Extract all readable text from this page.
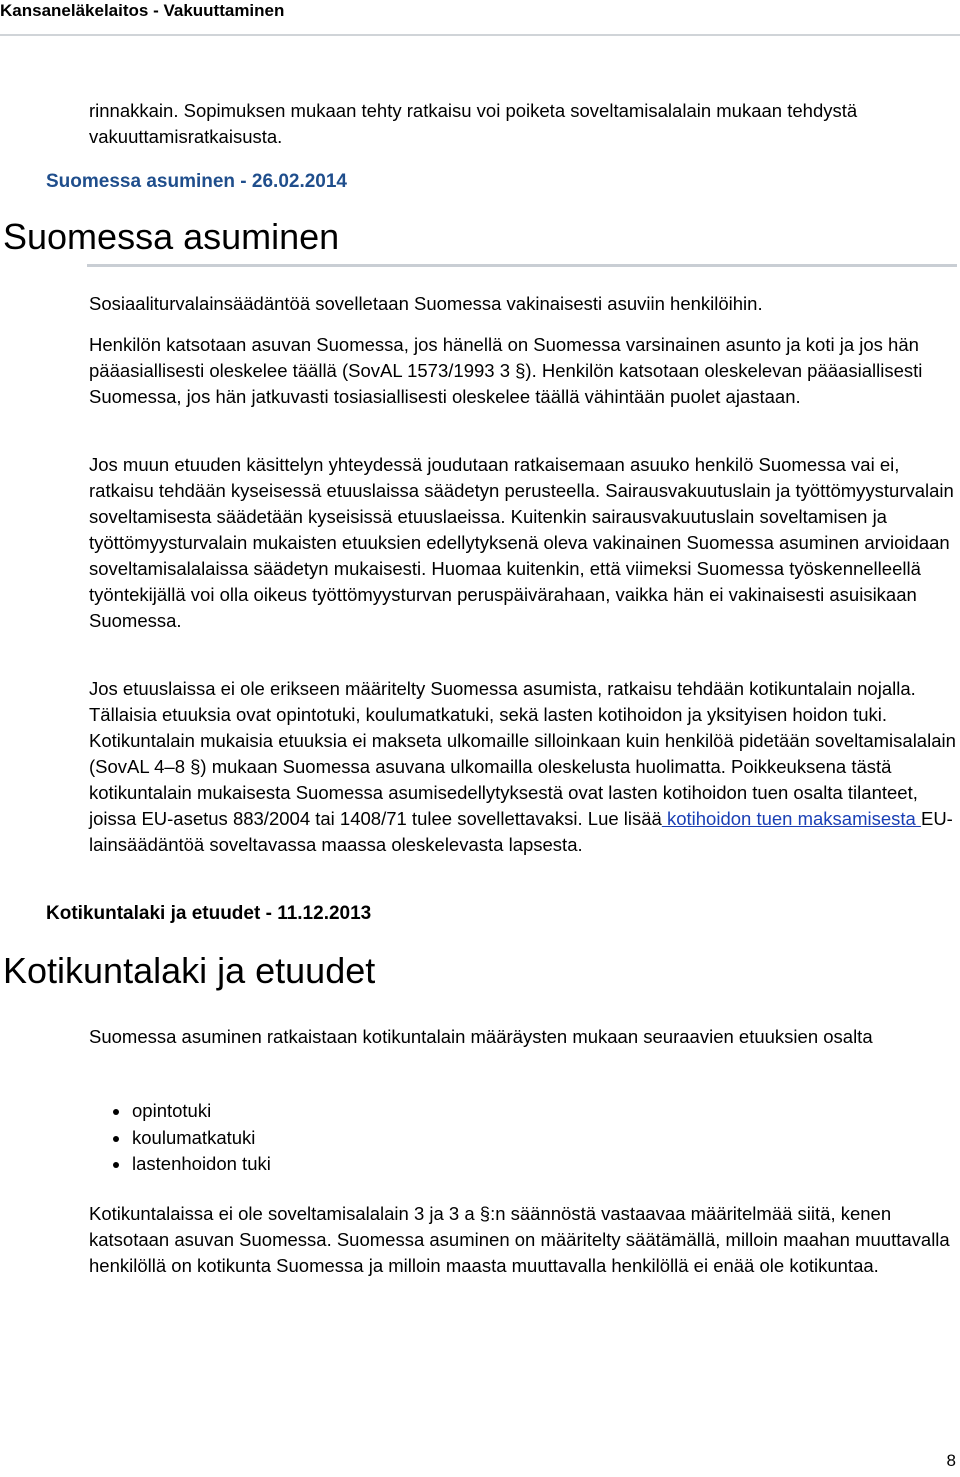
Kansaneläkelaitos - Vakuuttaminen

rinnakkain. Sopimuksen mukaan tehty ratkaisu voi poiketa soveltamisalalain mukaan tehdystä vakuuttamisratkaisusta.

Suomessa asuminen - 26.02.2014
Suomessa asuminen

Sosiaaliturvalainsäädäntöä sovelletaan Suomessa vakinaisesti asuviin henkilöihin.

Henkilön katsotaan asuvan Suomessa, jos hänellä on Suomessa varsinainen asunto ja koti ja jos hän pääasiallisesti oleskelee täällä (SovAL 1573/1993 3 §). Henkilön katsotaan oleskelevan pääasiallisesti Suomessa, jos hän jatkuvasti tosiasiallisesti oleskelee täällä vähintään puolet ajastaan.

Jos muun etuuden käsittelyn yhteydessä joudutaan ratkaisemaan asuuko henkilö Suomessa vai ei, ratkaisu tehdään kyseisessä etuuslaissa säädetyn perusteella. Sairausvakuutuslain ja työttömyysturvalain soveltamisesta säädetään kyseisissä etuuslaeissa. Kuitenkin sairausvakuutuslain soveltamisen ja työttömyysturvalain mukaisten etuuksien edellytyksenä oleva vakinainen Suomessa asuminen arvioidaan soveltamisalalaissa säädetyn mukaisesti. Huomaa kuitenkin, että viimeksi Suomessa työskennelleellä työntekijällä voi olla oikeus työttömyysturvan peruspäivärahaan, vaikka hän ei vakinaisesti asuisikaan Suomessa.

Jos etuuslaissa ei ole erikseen määritelty Suomessa asumista, ratkaisu tehdään kotikuntalain nojalla. Tällaisia etuuksia ovat opintotuki, koulumatkatuki, sekä lasten kotihoidon ja yksityisen hoidon tuki. Kotikuntalain mukaisia etuuksia ei makseta ulkomaille silloinkaan kuin henkilöä pidetään soveltamisalalain (SovAL 4–8 §) mukaan Suomessa asuvana ulkomailla oleskelusta huolimatta. Poikkeuksena tästä kotikuntalain mukaisesta Suomessa asumisedellytyksestä ovat lasten kotihoidon tuen osalta tilanteet, joissa EU-asetus 883/2004 tai 1408/71 tulee sovellettavaksi. Lue lisää kotihoidon tuen maksamisesta EU-lainsäädäntöä soveltavassa maassa oleskelevasta lapsesta.

Kotikuntalaki ja etuudet - 11.12.2013
Kotikuntalaki ja etuudet

Suomessa asuminen ratkaistaan kotikuntalain määräysten mukaan seuraavien etuuksien osalta

opintotuki
koulumatkatuki
lastenhoidon tuki

Kotikuntalaissa ei ole soveltamisalalain 3 ja 3 a §:n säännöstä vastaavaa määritelmää siitä, kenen katsotaan asuvan Suomessa. Suomessa asuminen on määritelty säätämällä, milloin maahan muuttavalla henkilöllä on kotikunta Suomessa ja milloin maasta muuttavalla henkilöllä ei enää ole kotikuntaa.

8
